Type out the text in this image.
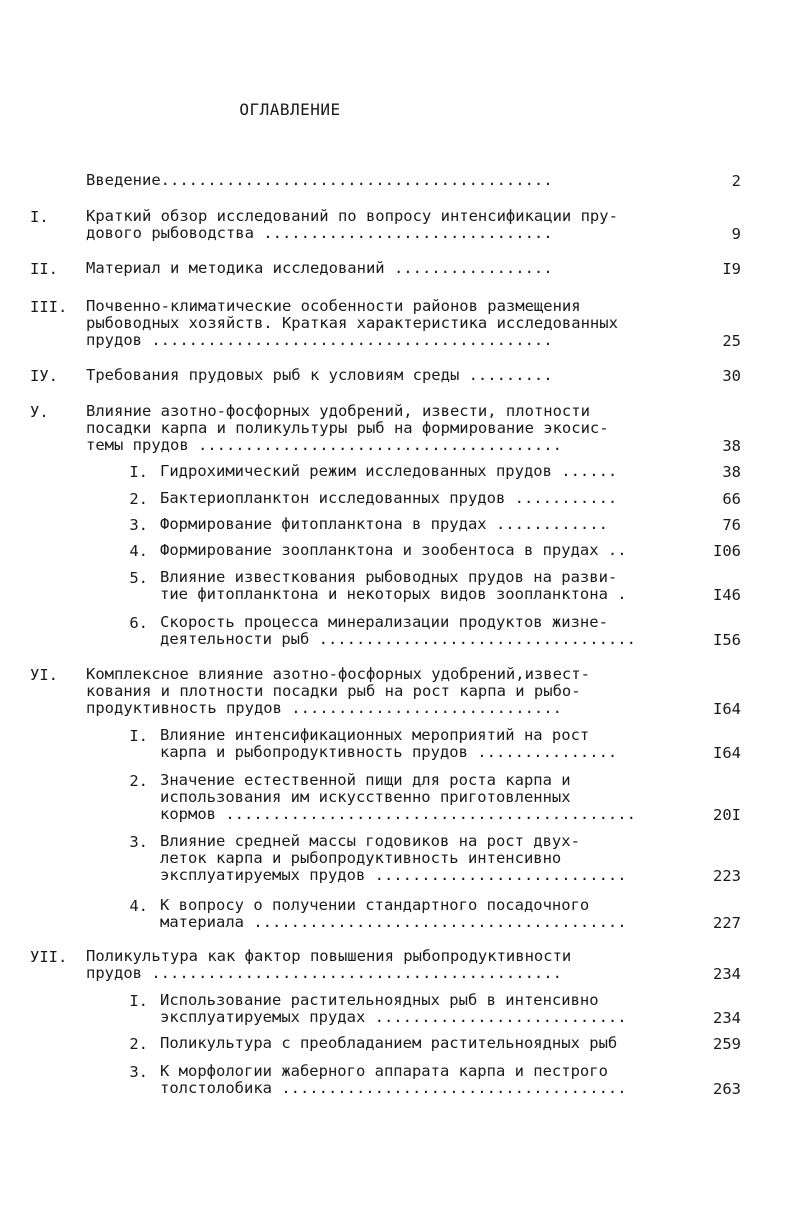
ОГЛАВЛЕНИЕ
Введение..........................................	2
I. Краткий обзор исследований по вопросу интенсификации пру-
дового рыбоводства ...............................	9
II. Материал и методика исследований .................	I9
III. Почвенно-климатические особенности районов размещения
рыбоводных хозяйств. Краткая характеристика исследованных
прудов ...........................................	25
IУ. Требования прудовых рыб к условиям среды .........	30
У. Влияние азотно-фосфорных удобрений, извести, плотности
посадки карпа и поликультуры рыб на формирование экосис-
темы прудов .......................................	38
I. Гидрохимический режим исследованных прудов ......	38
2. Бактериопланктон исследованных прудов ...........	66
3. Формирование фитопланктона в прудах ............	76
4. Формирование зоопланктона и зообентоса в прудах ..	I06
5. Влияние известкования рыбоводных прудов на разви-
тие фитопланктона и некоторых видов зоопланктона .	I46
6. Скорость процесса минерализации продуктов жизне-
деятельности рыб ..................................	I56
УI. Комплексное влияние азотно-фосфорных удобрений,извест-
кования и плотности посадки рыб на рост карпа и рыбо-
продуктивность прудов .............................	I64
I. Влияние интенсификационных мероприятий на рост
карпа и рыбопродуктивность прудов ...............	I64
2. Значение естественной пищи для роста карпа и
использования им искусственно приготовленных
кормов ............................................	20I
3. Влияние средней массы годовиков на рост двух-
леток карпа и рыбопродуктивность интенсивно
эксплуатируемых прудов ...........................	223
4. К вопросу о получении стандартного посадочного
материала ........................................	227
УII. Поликультура как фактор повышения рыбопродуктивности
прудов ............................................	234
I. Использование растительноядных рыб в интенсивно
эксплуатируемых прудах ...........................	234
2. Поликультура с преобладанием растительноядных рыб	259
3. К морфологии жаберного аппарата карпа и пестрого
толстолобика .....................................	263
